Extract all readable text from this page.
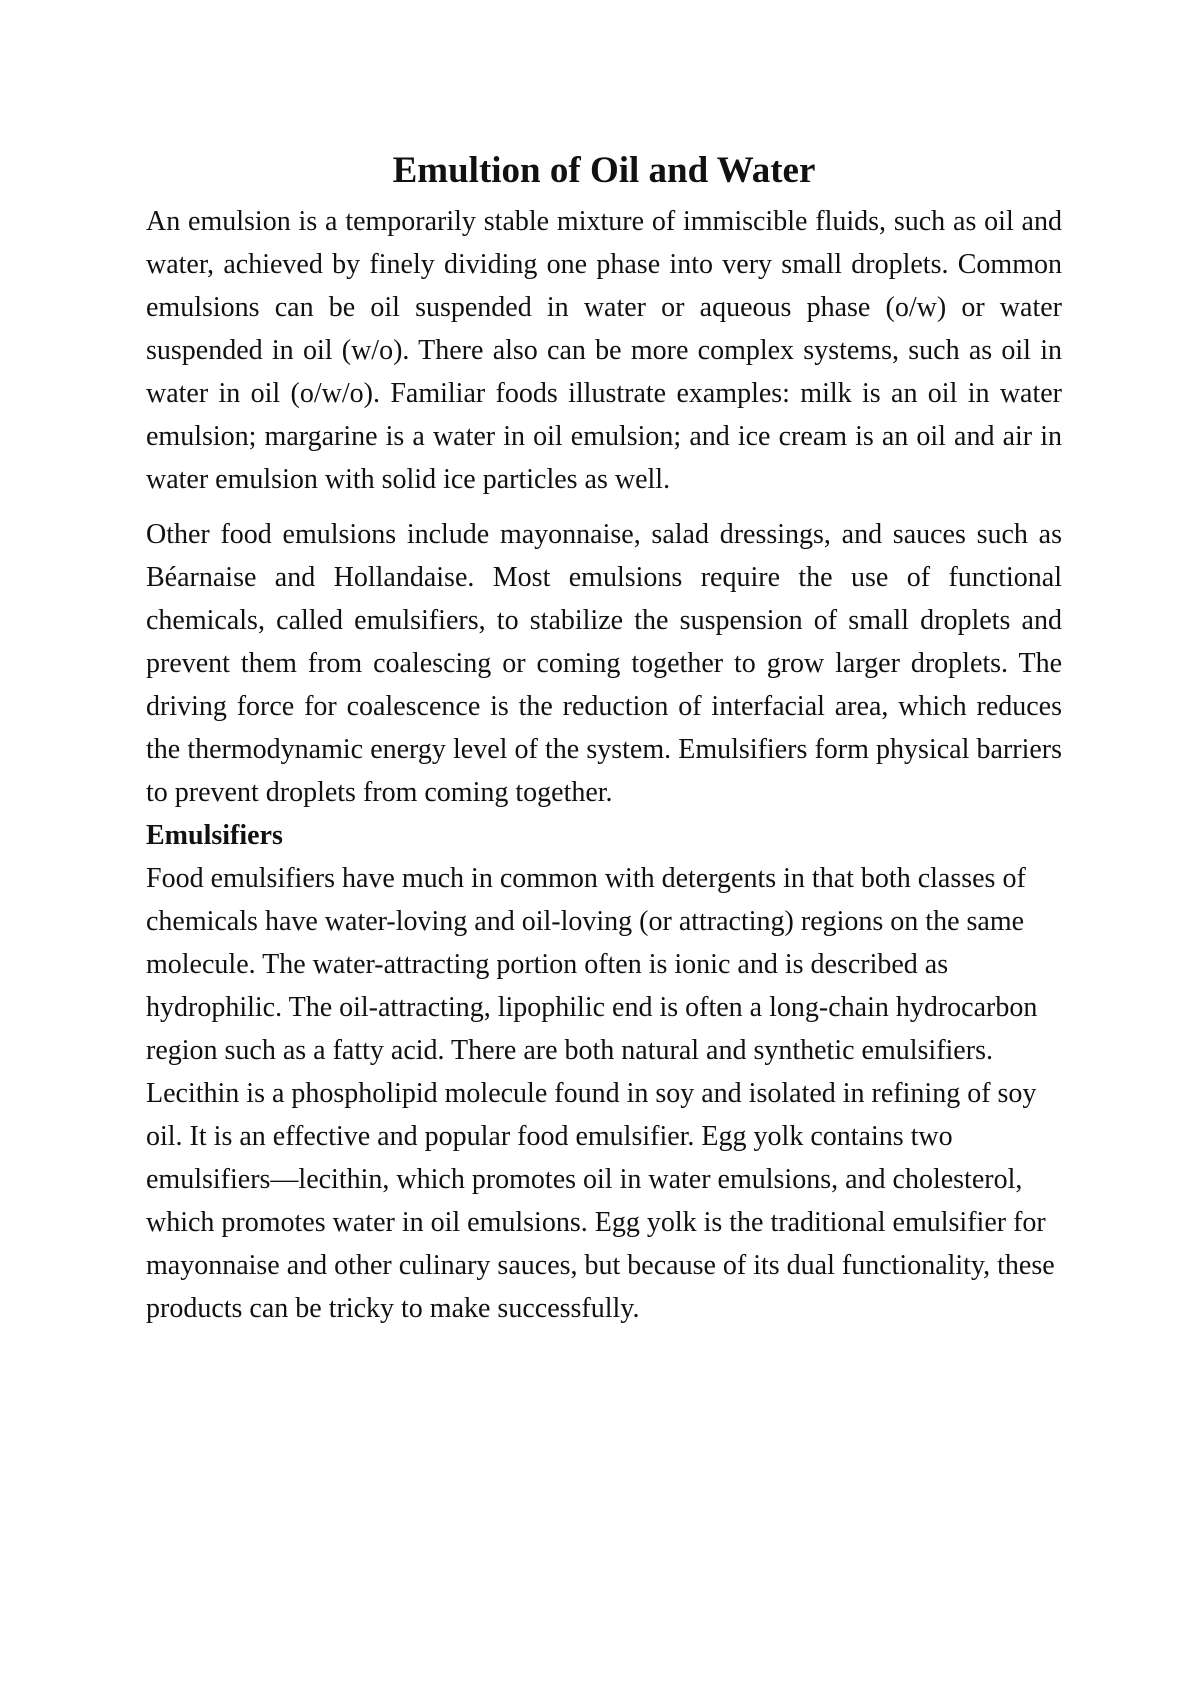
Emultion of Oil and Water

An emulsion is a temporarily stable mixture of immiscible fluids, such as oil and water, achieved by finely dividing one phase into very small droplets. Common emulsions can be oil suspended in water or aqueous phase (o/w) or water suspended in oil (w/o). There also can be more complex systems, such as oil in water in oil (o/w/o). Familiar foods illustrate examples: milk is an oil in water emulsion; margarine is a water in oil emulsion; and ice cream is an oil and air in water emulsion with solid ice particles as well.

Other food emulsions include mayonnaise, salad dressings, and sauces such as Béarnaise and Hollandaise. Most emulsions require the use of functional chemicals, called emulsifiers, to stabilize the suspension of small droplets and prevent them from coalescing or coming together to grow larger droplets. The driving force for coalescence is the reduction of interfacial area, which reduces the thermodynamic energy level of the system. Emulsifiers form physical barriers to prevent droplets from coming together.

Emulsifiers

Food emulsifiers have much in common with detergents in that both classes of chemicals have water-loving and oil-loving (or attracting) regions on the same molecule. The water-attracting portion often is ionic and is described as hydrophilic. The oil-attracting, lipophilic end is often a long-chain hydrocarbon region such as a fatty acid. There are both natural and synthetic emulsifiers. Lecithin is a phospholipid molecule found in soy and isolated in refining of soy oil. It is an effective and popular food emulsifier. Egg yolk contains two emulsifiers—lecithin, which promotes oil in water emulsions, and cholesterol, which promotes water in oil emulsions. Egg yolk is the traditional emulsifier for mayonnaise and other culinary sauces, but because of its dual functionality, these products can be tricky to make successfully.
